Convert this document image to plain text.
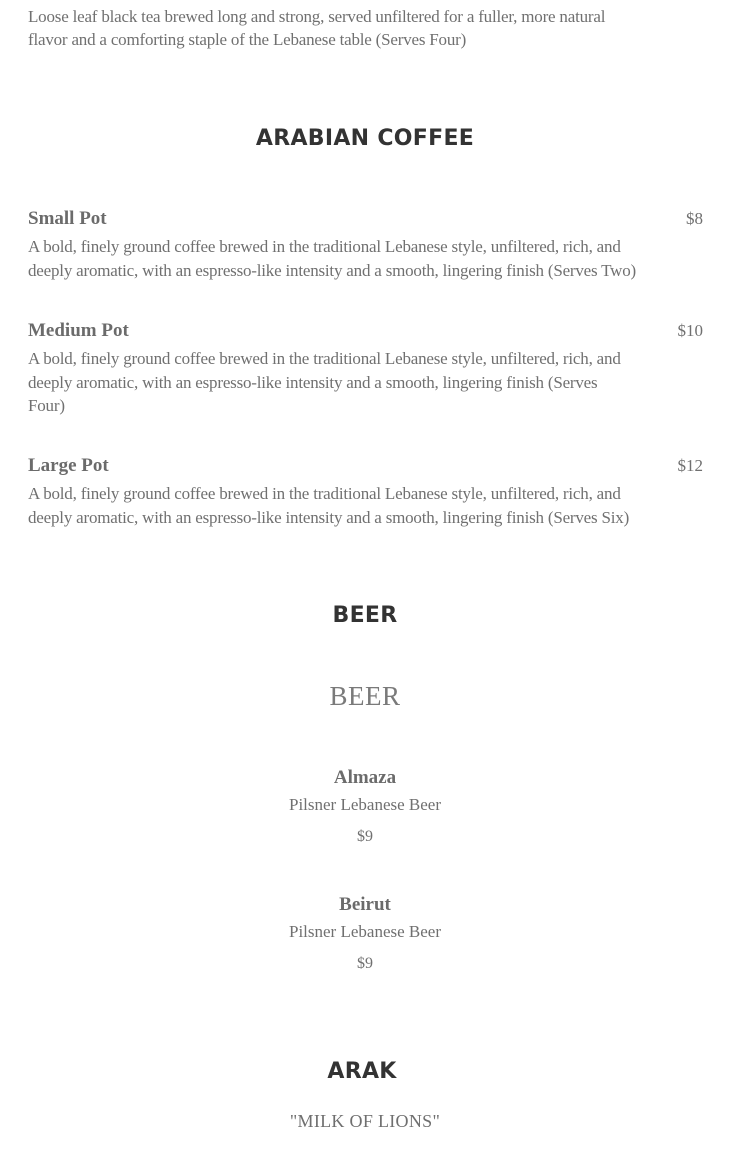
Loose leaf black tea brewed long and strong, served unfiltered for a fuller, more natural flavor and a comforting staple of the Lebanese table (Serves Four)
ARABIAN COFFEE
Small Pot	$8
A bold, finely ground coffee brewed in the traditional Lebanese style, unfiltered, rich, and deeply aromatic, with an espresso-like intensity and a smooth, lingering finish (Serves Two)
Medium Pot	$10
A bold, finely ground coffee brewed in the traditional Lebanese style, unfiltered, rich, and deeply aromatic, with an espresso-like intensity and a smooth, lingering finish (Serves Four)
Large Pot	$12
A bold, finely ground coffee brewed in the traditional Lebanese style, unfiltered, rich, and deeply aromatic, with an espresso-like intensity and a smooth, lingering finish (Serves Six)
BEER
BEER
Almaza
Pilsner Lebanese Beer
$9
Beirut
Pilsner Lebanese Beer
$9
ARAK
"MILK OF LIONS"
